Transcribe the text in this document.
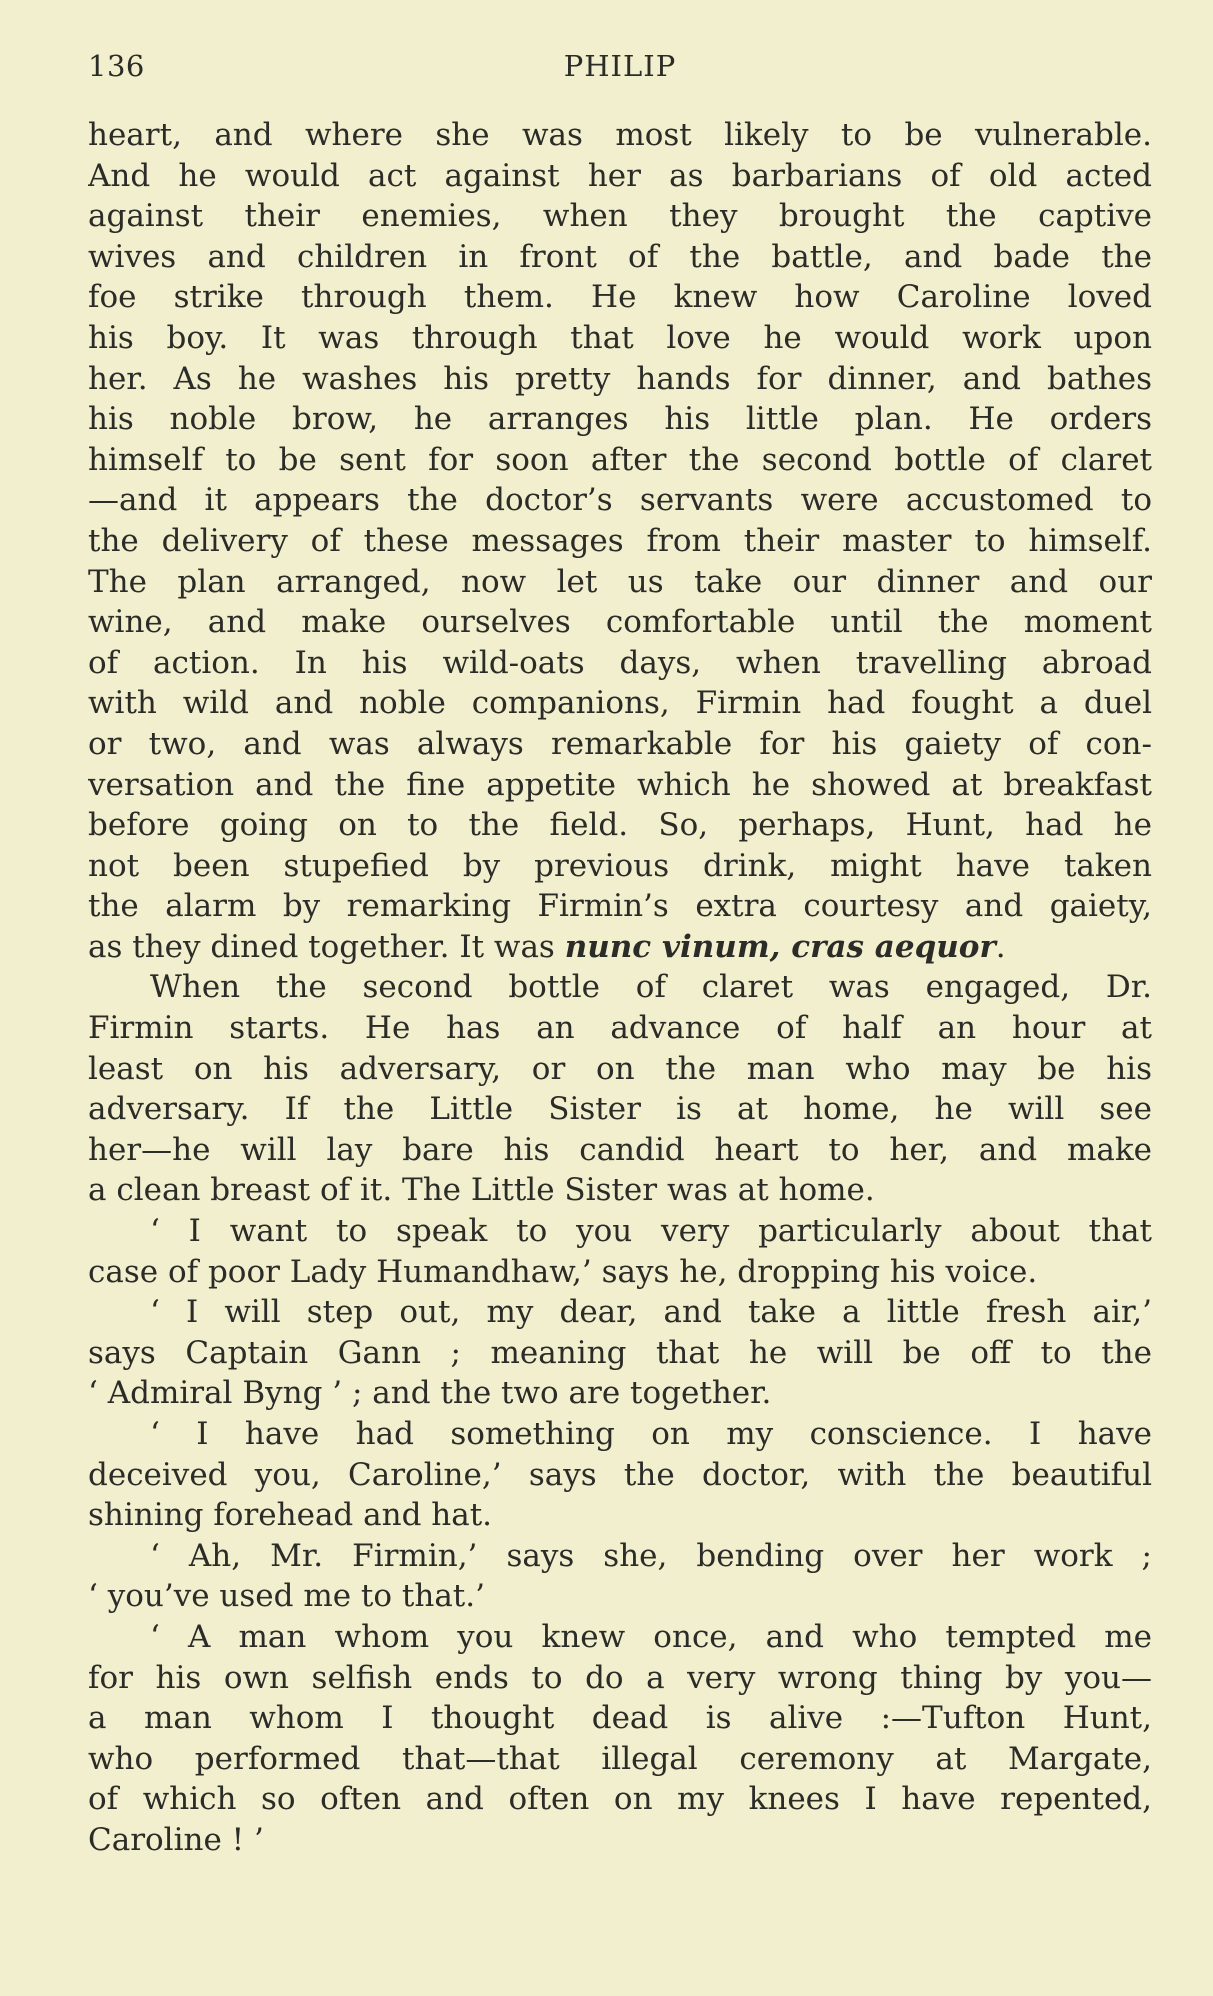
136	PHILIP
heart, and where she was most likely to be vulnerable.
And he would act against her as barbarians of old acted
against their enemies, when they brought the captive
wives and children in front of the battle, and bade the
foe strike through them. He knew how Caroline loved
his boy. It was through that love he would work upon
her. As he washes his pretty hands for dinner, and bathes
his noble brow, he arranges his little plan. He orders
himself to be sent for soon after the second bottle of claret
—and it appears the doctor’s servants were accustomed to
the delivery of these messages from their master to himself.
The plan arranged, now let us take our dinner and our
wine, and make ourselves comfortable until the moment
of action. In his wild-oats days, when travelling abroad
with wild and noble companions, Firmin had fought a duel
or two, and was always remarkable for his gaiety of con-
versation and the fine appetite which he showed at breakfast
before going on to the field. So, perhaps, Hunt, had he
not been stupefied by previous drink, might have taken
the alarm by remarking Firmin’s extra courtesy and gaiety,
as they dined together. It was nunc vinum, cras aequor.
When the second bottle of claret was engaged, Dr.
Firmin starts. He has an advance of half an hour at
least on his adversary, or on the man who may be his
adversary. If the Little Sister is at home, he will see
her—he will lay bare his candid heart to her, and make
a clean breast of it. The Little Sister was at home.
‘ I want to speak to you very particularly about that
case of poor Lady Humandhaw,’ says he, dropping his voice.
‘ I will step out, my dear, and take a little fresh air,’
says Captain Gann ; meaning that he will be off to the
‘ Admiral Byng ’ ; and the two are together.
‘ I have had something on my conscience. I have
deceived you, Caroline,’ says the doctor, with the beautiful
shining forehead and hat.
‘ Ah, Mr. Firmin,’ says she, bending over her work ;
‘ you’ve used me to that.’
‘ A man whom you knew once, and who tempted me
for his own selfish ends to do a very wrong thing by you—
a man whom I thought dead is alive :—Tufton Hunt,
who performed that—that illegal ceremony at Margate,
of which so often and often on my knees I have repented,
Caroline ! ’
